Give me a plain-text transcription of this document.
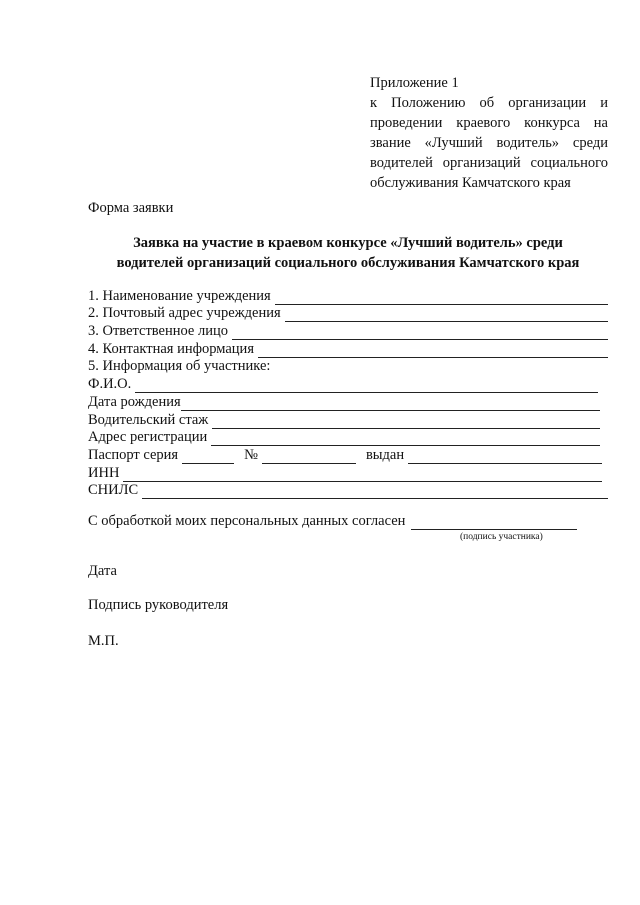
Приложение 1
к Положению об организации и проведении краевого конкурса на звание «Лучший водитель» среди водителей организаций социального обслуживания Камчатского края
Форма заявки
Заявка на участие в краевом конкурсе «Лучший водитель» среди
водителей организаций социального обслуживания Камчатского края
1. Наименование учреждения
2. Почтовый адрес учреждения
3. Ответственное лицо
4. Контактная информация
5. Информация об участнике:
Ф.И.О.
Дата рождения
Водительский стаж
Адрес регистрации
Паспорт серия	№	выдан
ИНН
СНИЛС
С обработкой моих персональных данных согласен
(подпись участника)
Дата
Подпись руководителя
М.П.
